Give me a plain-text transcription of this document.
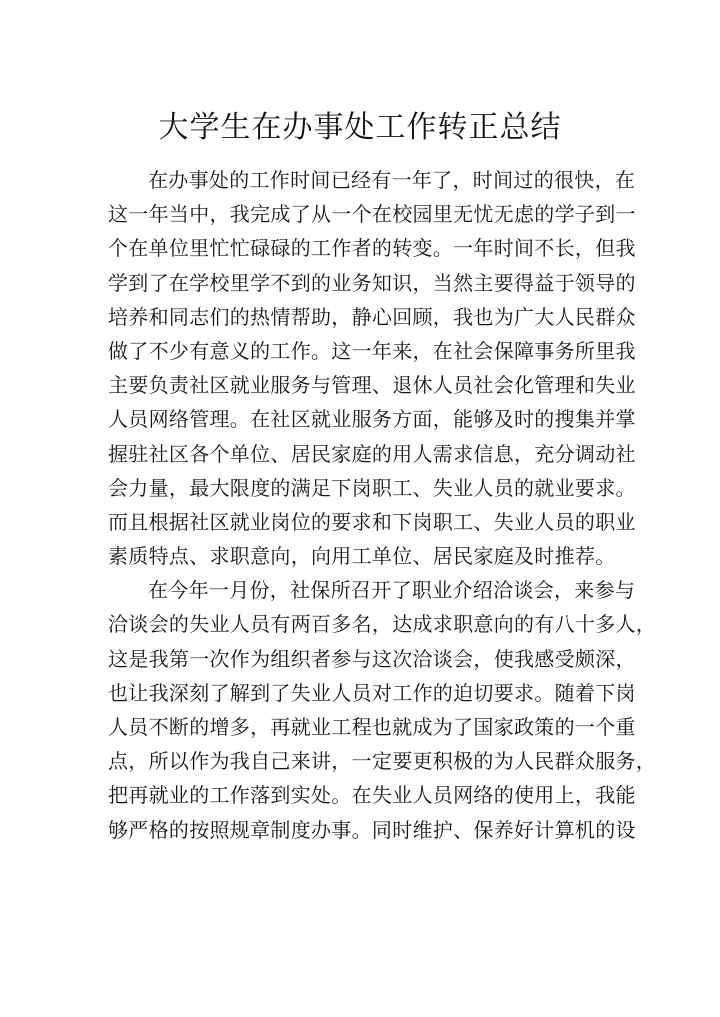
大学生在办事处工作转正总结
在办事处的工作时间已经有一年了，时间过的很快，在
这一年当中，我完成了从一个在校园里无忧无虑的学子到一
个在单位里忙忙碌碌的工作者的转变。一年时间不长，但我
学到了在学校里学不到的业务知识，当然主要得益于领导的
培养和同志们的热情帮助，静心回顾，我也为广大人民群众
做了不少有意义的工作。这一年来，在社会保障事务所里我
主要负责社区就业服务与管理、退休人员社会化管理和失业
人员网络管理。在社区就业服务方面，能够及时的搜集并掌
握驻社区各个单位、居民家庭的用人需求信息，充分调动社
会力量，最大限度的满足下岗职工、失业人员的就业要求。
而且根据社区就业岗位的要求和下岗职工、失业人员的职业
素质特点、求职意向，向用工单位、居民家庭及时推荐。
在今年一月份，社保所召开了职业介绍洽谈会，来参与
洽谈会的失业人员有两百多名，达成求职意向的有八十多人，
这是我第一次作为组织者参与这次洽谈会，使我感受颇深，
也让我深刻了解到了失业人员对工作的迫切要求。随着下岗
人员不断的增多，再就业工程也就成为了国家政策的一个重
点，所以作为我自己来讲，一定要更积极的为人民群众服务，
把再就业的工作落到实处。在失业人员网络的使用上，我能
够严格的按照规章制度办事。同时维护、保养好计算机的设
